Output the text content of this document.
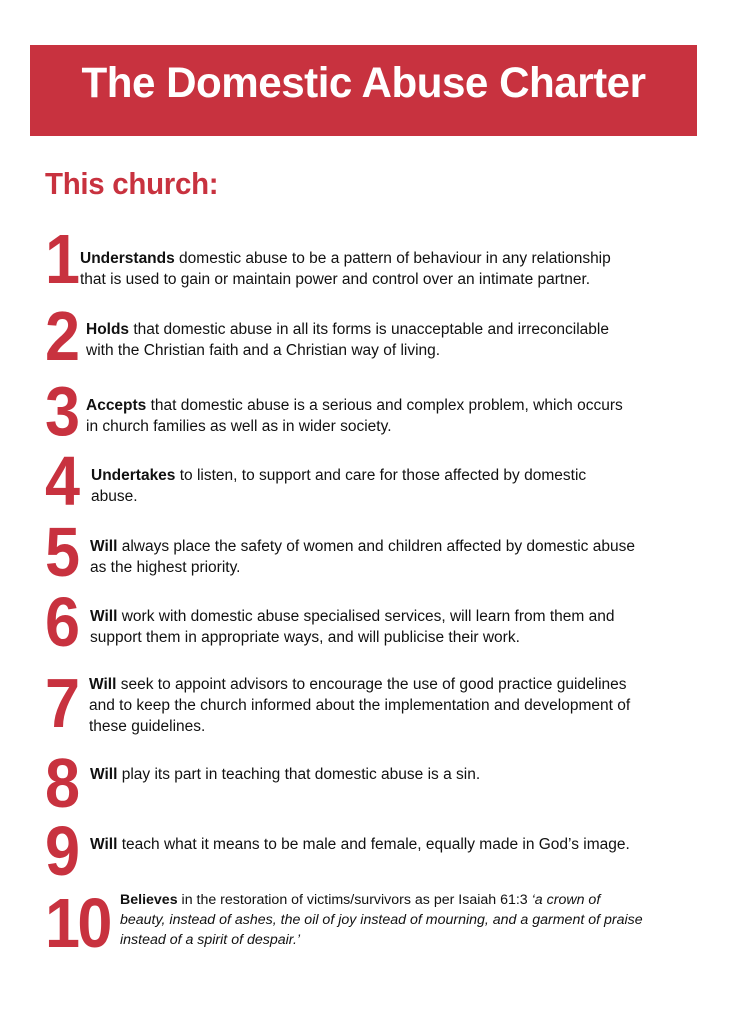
The Domestic Abuse Charter
This church:
1 Understands domestic abuse to be a pattern of behaviour in any relationship
that is used to gain or maintain power and control over an intimate partner.
2 Holds that domestic abuse in all its forms is unacceptable and irreconcilable
with the Christian faith and a Christian way of living.
3 Accepts that domestic abuse is a serious and complex problem, which occurs
in church families as well as in wider society.
4 Undertakes to listen, to support and care for those affected by domestic
abuse.
5 Will always place the safety of women and children affected by domestic abuse
as the highest priority.
6 Will work with domestic abuse specialised services, will learn from them and
support them in appropriate ways, and will publicise their work.
7 Will seek to appoint advisors to encourage the use of good practice guidelines
and to keep the church informed about the implementation and development of
these guidelines.
8 Will play its part in teaching that domestic abuse is a sin.
9 Will teach what it means to be male and female, equally made in God’s image.
10 Believes in the restoration of victims/survivors as per Isaiah 61:3 ‘a crown of
beauty, instead of ashes, the oil of joy instead of mourning, and a garment of praise
instead of a spirit of despair.’
